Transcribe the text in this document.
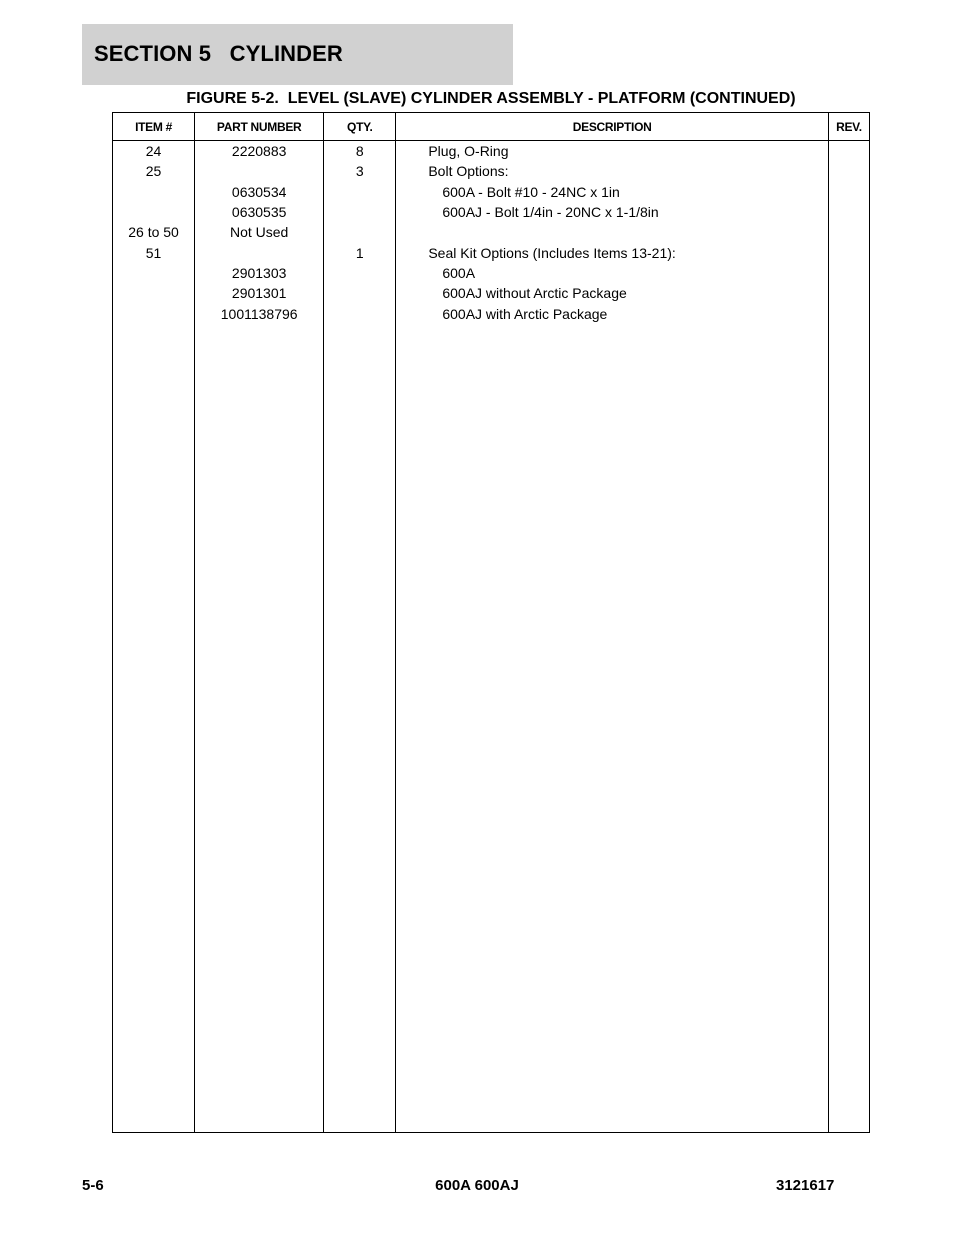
SECTION 5   CYLINDER
FIGURE 5-2.  LEVEL (SLAVE) CYLINDER ASSEMBLY - PLATFORM (CONTINUED)
ITEM #	PART NUMBER	QTY.	DESCRIPTION	REV.
24	2220883	8	Plug, O-Ring	
25		3	Bolt Options:	
	0630534		600A - Bolt #10 - 24NC x 1in	
	0630535		600AJ - Bolt 1/4in - 20NC x 1-1/8in	
26 to 50	Not Used			
51		1	Seal Kit Options (Includes Items 13-21):	
	2901303		600A	
	2901301		600AJ without Arctic Package	
	1001138796		600AJ with Arctic Package	

5-6	600A 600AJ	3121617
